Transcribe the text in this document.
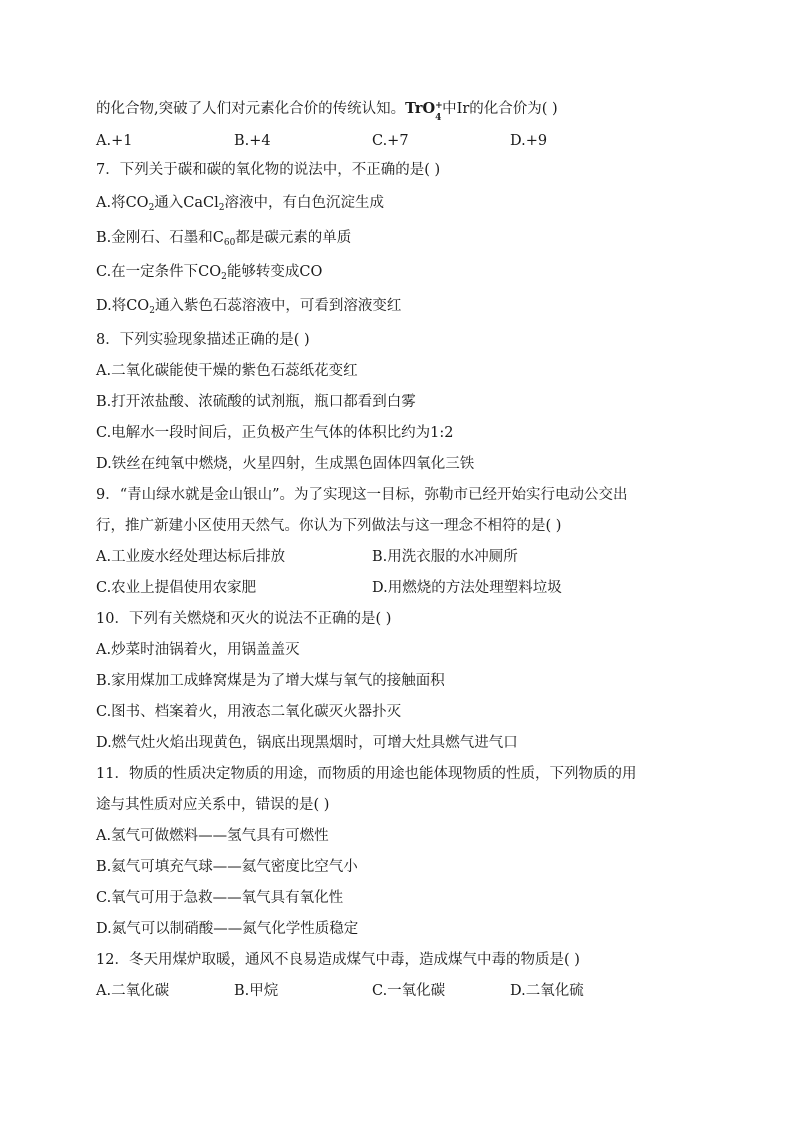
的化合物,突破了人们对元素化合价的传统认知。TrO +
4
中Ir的化合价为( )
A.+1	B.+4	C.+7	D.+9
7．下列关于碳和碳的氧化物的说法中，不正确的是( )
A.将$CO_2$通入CaCl$_2$溶液中，有白色沉淀生成
B.金刚石、石墨和$C_{60}$都是碳元素的单质
C.在一定条件下$CO_2$能够转变成CO
D.将$CO_2$通入紫色石蕊溶液中，可看到溶液变红
8．下列实验现象描述正确的是( )
A.二氧化碳能使干燥的紫色石蕊纸花变红
B.打开浓盐酸、浓硫酸的试剂瓶，瓶口都看到白雾
C.电解水一段时间后，正负极产生气体的体积比约为1:2
D.铁丝在纯氧中燃烧，火星四射，生成黑色固体四氧化三铁
9．“青山绿水就是金山银山”。为了实现这一目标，弥勒市已经开始实行电动公交出
行，推广新建小区使用天然气。你认为下列做法与这一理念不相符的是( )
A.工业废水经处理达标后排放	B.用洗衣服的水冲厕所
C.农业上提倡使用农家肥	D.用燃烧的方法处理塑料垃圾
10．下列有关燃烧和灭火的说法不正确的是( )
A.炒菜时油锅着火，用锅盖盖灭
B.家用煤加工成蜂窝煤是为了增大煤与氧气的接触面积
C.图书、档案着火，用液态二氧化碳灭火器扑灭
D.燃气灶火焰出现黄色，锅底出现黑烟时，可增大灶具燃气进气口
11．物质的性质决定物质的用途，而物质的用途也能体现物质的性质，下列物质的用
途与其性质对应关系中，错误的是( )
A.氢气可做燃料——氢气具有可燃性
B.氦气可填充气球——氦气密度比空气小
C.氧气可用于急救——氧气具有氧化性
D.氮气可以制硝酸——氮气化学性质稳定
12．冬天用煤炉取暖，通风不良易造成煤气中毒，造成煤气中毒的物质是( )
A.二氧化碳	B.甲烷	C.一氧化碳	D.二氧化硫
